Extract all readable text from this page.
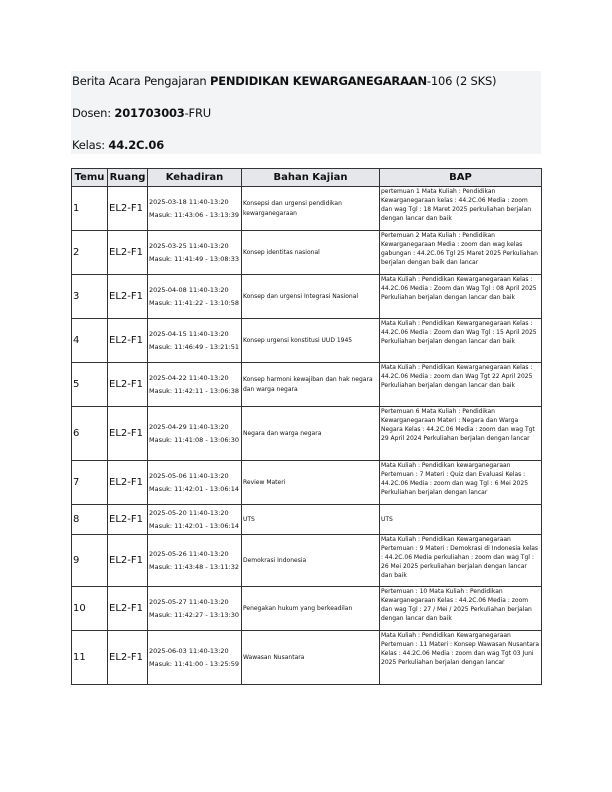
Berita Acara Pengajaran PENDIDIKAN KEWARGANEGARAAN-106 (2 SKS)
Dosen: 201703003-FRU
Kelas: 44.2C.06
Temu	Ruang	Kehadiran	Bahan Kajian	BAP
1	EL2-F1	2025-03-18 11:40-13:20
Masuk: 11:43:06 - 13:13:39	Konsepsi dan urgensi pendidikan kewarganegaraan	pertemuan 1 Mata Kuliah : Pendidikan Kewarganegaraan kelas : 44.2C.06 Media : zoom dan wag Tgl : 18 Maret 2025 perkuliahan berjalan dengan lancar dan baik
2	EL2-F1	2025-03-25 11:40-13:20
Masuk: 11:41:49 - 13:08:33	Konsep identitas nasional	Pertemuan 2 Mata Kuliah : Pendidikan Kewarganegaraan Media : zoom dan wag kelas gabungan : 44.2C.06 Tgl 25 Maret 2025 Perkuliahan berjalan dengan baik dan lancar
3	EL2-F1	2025-04-08 11:40-13:20
Masuk: 11:41:22 - 13:10:58	Konsep dan urgensi Integrasi Nasional	Mata Kuliah : Pendidikan Kewarganegaraan Kelas : 44.2C.06 Media : Zoom dan Wag Tgl : 08 April 2025 Perkuliahan berjalan dengan lancar dan baik
4	EL2-F1	2025-04-15 11:40-13:20
Masuk: 11:46:49 - 13:21:51	Konsep urgensi konstitusi UUD 1945	Mata Kuliah : Pendidikan Kewarganegaraan Kelas : 44.2C.06 Media : Zoom dan Wag Tgl : 15 April 2025 Perkuliahan berjalan dengan lancar dan baik
5	EL2-F1	2025-04-22 11:40-13:20
Masuk: 11:42:11 - 13:06:38	Konsep harmoni kewajiban dan hak negara dan warga negara	Mata Kuliah : Pendidikan Kewarganegaraan Kelas : 44.2C.06 Media : zoom dan Wag Tgt 22 April 2025 Perkuliahan berjalan dengan lancar dan baik
6	EL2-F1	2025-04-29 11:40-13:20
Masuk: 11:41:08 - 13:06:30	Negara dan warga negara	Pertemuan 6 Mata Kuliah : Pendidikan Kewarganegaraan Materi : Negara dan Warga Negara Kelas : 44.2C.06 Media : zoom dan wag Tgt 29 April 2024 Perkuliahan berjalan dengan lancar
7	EL2-F1	2025-05-06 11:40-13:20
Masuk: 11:42:01 - 13:06:14	Review Materi	Mata Kuliah : Pendidikan kewarganegaraan Pertemuan : 7 Materi : Quiz dan Evaluasi Kelas : 44.2C.06 Media : zoom dan wag Tgl : 6 Mei 2025 Perkuliahan berjalan dengan lancar
8	EL2-F1	2025-05-20 11:40-13:20
Masuk: 11:42:01 - 13:06:14	UTS	UTS
9	EL2-F1	2025-05-26 11:40-13:20
Masuk: 11:43:48 - 13:11:32	Demokrasi Indonesia	Mata Kuliah : Pendidikan Kewarganegaraan Pertemuan : 9 Materi : Demokrasi di Indonesia kelas : 44.2C.06 Media perkuliahan : zoom dan wag Tgl : 26 Mei 2025 perkuliahan berjalan dengan lancar dan baik
10	EL2-F1	2025-05-27 11:40-13:20
Masuk: 11:42:27 - 13:13:30	Penegakan hukum yang berkeadilan	Pertemuan : 10 Mata Kuliah : Pendidikan Kewarganegaraan Kelas : 44.2C.06 Media : zoom dan wag Tgl : 27 / Mei / 2025 Perkuliahan berjalan dengan lancar dan baik
11	EL2-F1	2025-06-03 11:40-13:20
Masuk: 11:41:00 - 13:25:59	Wawasan Nusantara	Mata Kuliah : Pendidikan Kewarganegaraan Pertemuan : 11 Materi : Konsep Wawasan Nusantara Kelas : 44.2C.06 Media : zoom dan wag Tgt 03 Juni 2025 Perkuliahan berjalan dengan lancar
